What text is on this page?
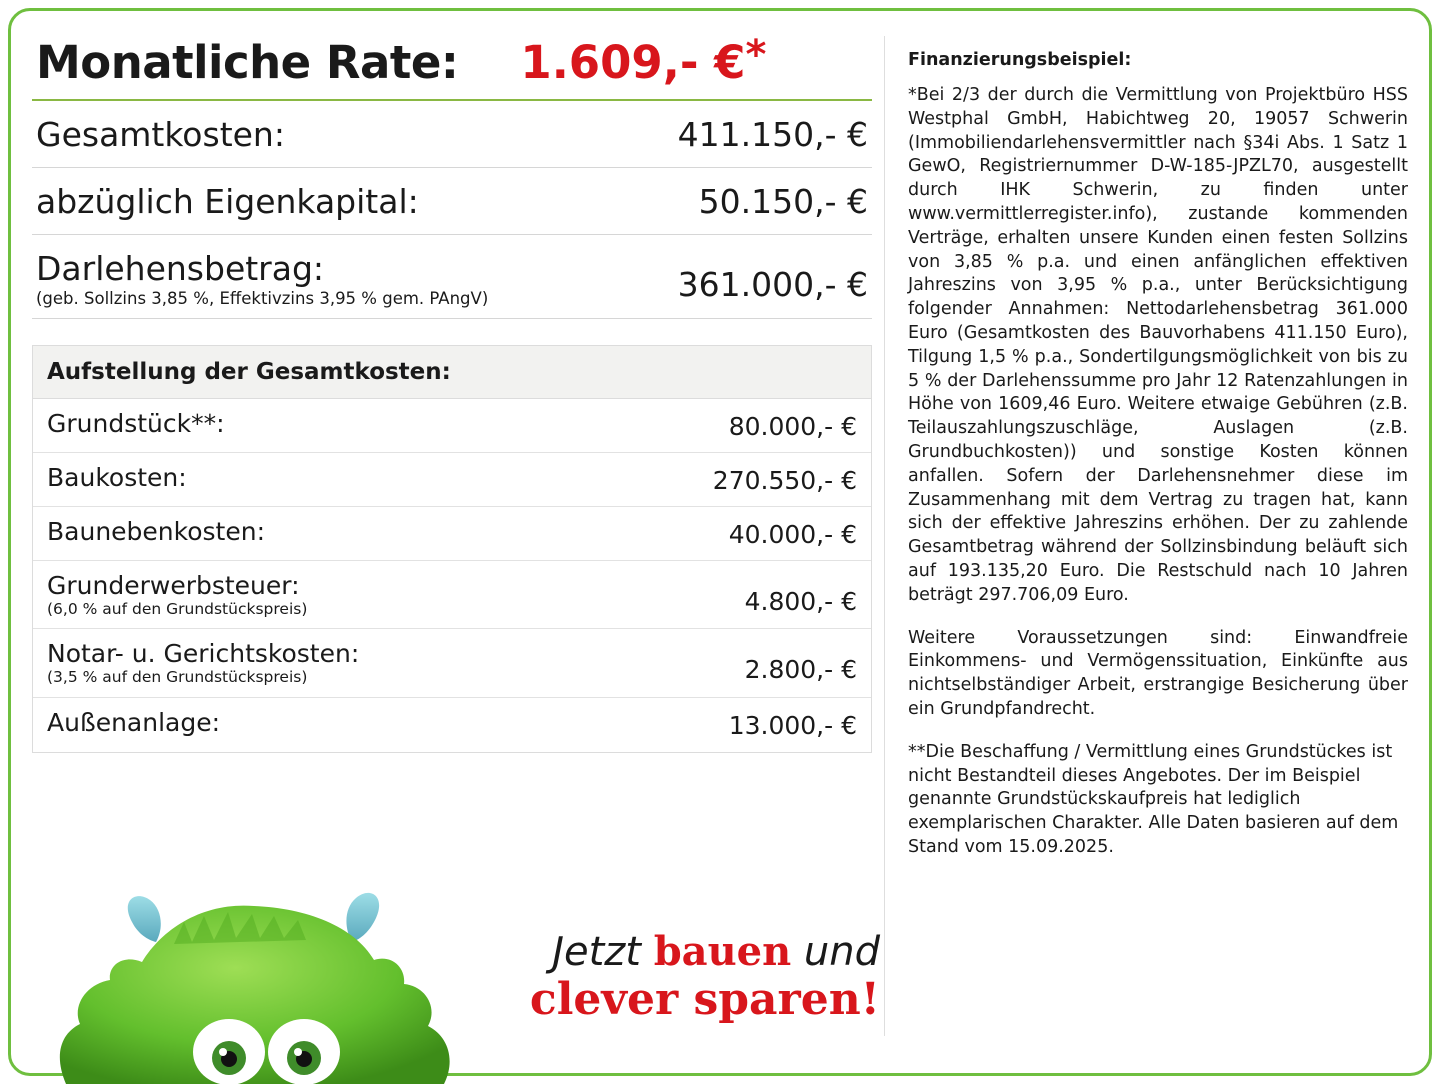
Monatliche Rate: 1.609,- € *
Gesamtkosten:	411.150,- €
abzüglich Eigenkapital:	50.150,- €
Darlehensbetrag:
(geb. Sollzins 3,85 %, Effektivzins 3,95 % gem. PAngV)	361.000,- €
Aufstellung der Gesamtkosten:
Grundstück**:	80.000,- €
Baukosten:	270.550,- €
Baunebenkosten:	40.000,- €
Grunderwerbsteuer:
(6,0 % auf den Grundstückspreis)	4.800,- €
Notar- u. Gerichtskosten:
(3,5 % auf den Grundstückspreis)	2.800,- €
Außenanlage:	13.000,- €
Finanzierungsbeispiel:

*Bei 2/3 der durch die Vermittlung von Projektbüro HSS Westphal GmbH, Habichtweg 20, 19057 Schwerin (Immobiliendarlehensvermittler nach §34i Abs. 1 Satz 1 GewO, Registriernummer D-W-185-JPZL70, ausgestellt durch IHK Schwerin, zu finden unter www.vermittlerregister.info), zustande kommenden Verträge, erhalten unsere Kunden einen festen Sollzins von 3,85 % p.a. und einen anfänglichen effektiven Jahreszins von 3,95 % p.a., unter Berücksichtigung folgender Annahmen: Nettodarlehensbetrag 361.000 Euro (Gesamtkosten des Bauvorhabens 411.150 Euro), Tilgung 1,5 % p.a., Sondertilgungsmöglichkeit von bis zu 5 % der Darlehenssumme pro Jahr 12 Ratenzahlungen in Höhe von 1609,46 Euro. Weitere etwaige Gebühren (z.B. Teilauszahlungszuschläge, Auslagen (z.B. Grundbuchkosten)) und sonstige Kosten können anfallen. Sofern der Darlehensnehmer diese im Zusammenhang mit dem Vertrag zu tragen hat, kann sich der effektive Jahreszins erhöhen. Der zu zahlende Gesamtbetrag während der Sollzinsbindung beläuft sich auf 193.135,20 Euro. Die Restschuld nach 10 Jahren beträgt 297.706,09 Euro.

Weitere Voraussetzungen sind: Einwandfreie Einkommens- und Vermögenssituation, Einkünfte aus nichtselbständiger Arbeit, erstrangige Besicherung über ein Grundpfandrecht.

**Die Beschaffung / Vermittlung eines Grundstückes ist nicht Bestandteil dieses Angebotes. Der im Beispiel genannte Grundstückskaufpreis hat lediglich exemplarischen Charakter. Alle Daten basieren auf dem Stand vom 15.09.2025.

Jetzt bauen und
clever sparen!
